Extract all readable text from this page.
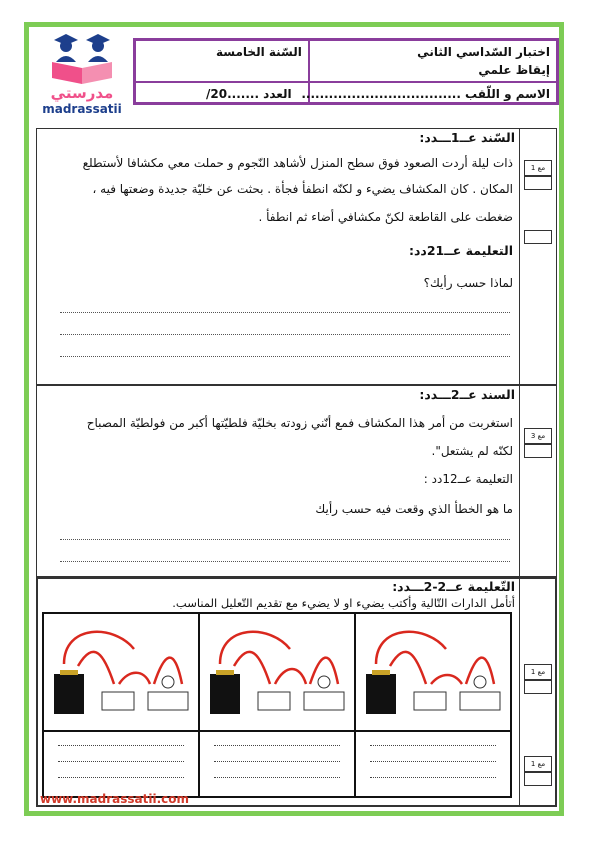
مدرستي
madrassatii
اختبار السّداسي الثاني
إيقاظ علمي
السّنة الخامسة
الاسم و اللّقب ...................................
العدد .......20/
مع 1
السّند عــ1ـــدد:
ذات ليلة أردت الصعود فوق سطح المنزل لأشاهد النّجوم و حملت معي مكشافا لأستطلع
المكان . كان المكشاف يضيء و لكنّه انطفأ فجأة . بحثت عن خليّة جديدة وضعتها فيه ،
ضغطت على القاطعة لكنّ مكشافي أضاء ثم انطفأ .
التعليمة عــ21دد:
لماذا حسب رأيك؟
مع 3
السند عــ2ـــدد:
استغربت من أمر هذا المكشاف فمع أنّني زودته بخليّة فلطيّتها أكبر من فولطيّة المصباح
لكنّه لم يشتعل".
التعليمة عــ12دد :
ما هو الخطأ الذي وقعت فيه حسب رأيك
مع 1
مع 1
التّعليمة عــ2-2ـــدد:
أتأمل الدارات التّالية وأكتب يضيء او لا يضيء مع تقديم التّعليل المناسب.
www.madrassatii.com
